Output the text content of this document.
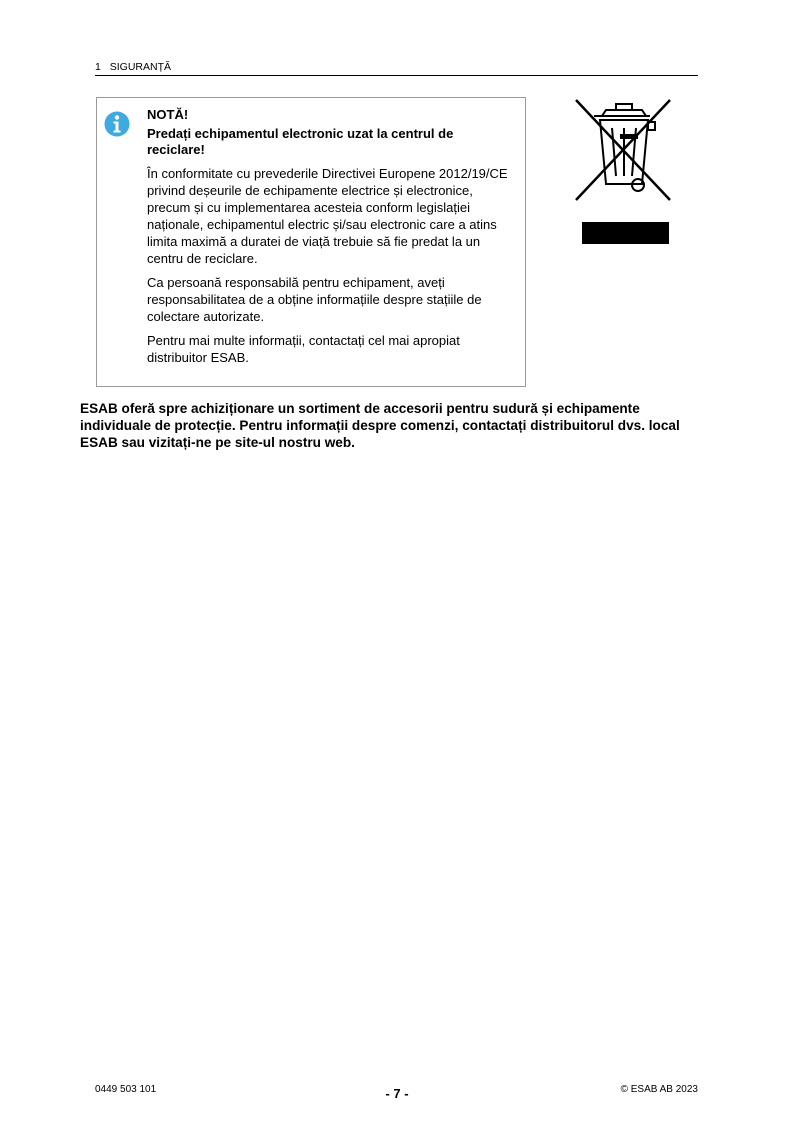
1 SIGURANȚĂ
NOTĂ!
Predați echipamentul electronic uzat la centrul de reciclare!
În conformitate cu prevederile Directivei Europene 2012/19/CE privind deșeurile de echipamente electrice și electronice, precum și cu implementarea acesteia conform legislației naționale, echipamentul electric și/sau electronic care a atins limita maximă a duratei de viață trebuie să fie predat la un centru de reciclare.
Ca persoană responsabilă pentru echipament, aveți responsabilitatea de a obține informațiile despre stațiile de colectare autorizate.
Pentru mai multe informații, contactați cel mai apropiat distribuitor ESAB.
ESAB oferă spre achiziționare un sortiment de accesorii pentru sudură și echipamente individuale de protecție. Pentru informații despre comenzi, contactați distribuitorul dvs. local ESAB sau vizitați-ne pe site-ul nostru web.
0449 503 101	- 7 -	© ESAB AB 2023
